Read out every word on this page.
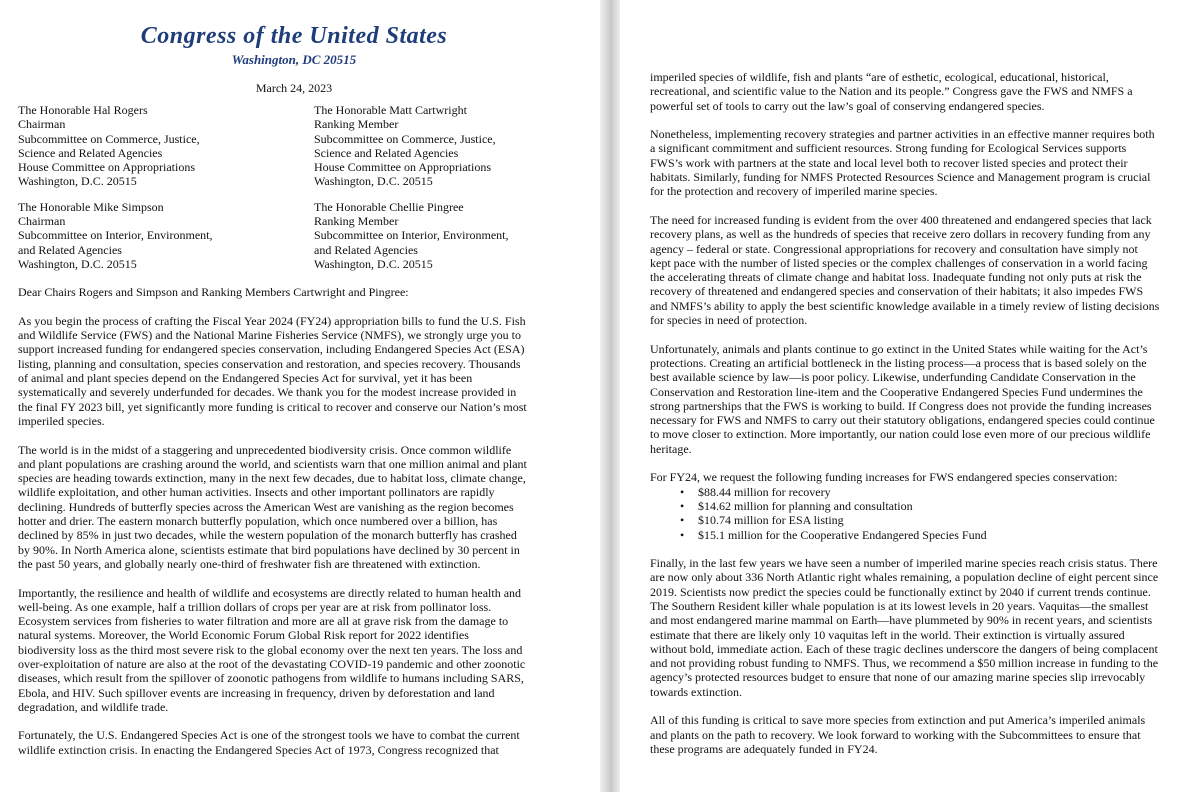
Congress of the United States
Washington, DC 20515
March 24, 2023
The Honorable Hal Rogers
Chairman
Subcommittee on Commerce, Justice,
Science and Related Agencies
House Committee on Appropriations
Washington, D.C. 20515
The Honorable Matt Cartwright
Ranking Member
Subcommittee on Commerce, Justice,
Science and Related Agencies
House Committee on Appropriations
Washington, D.C. 20515
The Honorable Mike Simpson
Chairman
Subcommittee on Interior, Environment,
and Related Agencies
Washington, D.C. 20515
The Honorable Chellie Pingree
Ranking Member
Subcommittee on Interior, Environment,
and Related Agencies
Washington, D.C. 20515
Dear Chairs Rogers and Simpson and Ranking Members Cartwright and Pingree:
As you begin the process of crafting the Fiscal Year 2024 (FY24) appropriation bills to fund the U.S. Fish
and Wildlife Service (FWS) and the National Marine Fisheries Service (NMFS), we strongly urge you to
support increased funding for endangered species conservation, including Endangered Species Act (ESA)
listing, planning and consultation, species conservation and restoration, and species recovery. Thousands
of animal and plant species depend on the Endangered Species Act for survival, yet it has been
systematically and severely underfunded for decades. We thank you for the modest increase provided in
the final FY 2023 bill, yet significantly more funding is critical to recover and conserve our Nation’s most
imperiled species.
The world is in the midst of a staggering and unprecedented biodiversity crisis. Once common wildlife
and plant populations are crashing around the world, and scientists warn that one million animal and plant
species are heading towards extinction, many in the next few decades, due to habitat loss, climate change,
wildlife exploitation, and other human activities. Insects and other important pollinators are rapidly
declining. Hundreds of butterfly species across the American West are vanishing as the region becomes
hotter and drier. The eastern monarch butterfly population, which once numbered over a billion, has
declined by 85% in just two decades, while the western population of the monarch butterfly has crashed
by 90%. In North America alone, scientists estimate that bird populations have declined by 30 percent in
the past 50 years, and globally nearly one-third of freshwater fish are threatened with extinction.
Importantly, the resilience and health of wildlife and ecosystems are directly related to human health and
well-being. As one example, half a trillion dollars of crops per year are at risk from pollinator loss.
Ecosystem services from fisheries to water filtration and more are all at grave risk from the damage to
natural systems. Moreover, the World Economic Forum Global Risk report for 2022 identifies
biodiversity loss as the third most severe risk to the global economy over the next ten years. The loss and
over-exploitation of nature are also at the root of the devastating COVID-19 pandemic and other zoonotic
diseases, which result from the spillover of zoonotic pathogens from wildlife to humans including SARS,
Ebola, and HIV. Such spillover events are increasing in frequency, driven by deforestation and land
degradation, and wildlife trade.
Fortunately, the U.S. Endangered Species Act is one of the strongest tools we have to combat the current
wildlife extinction crisis. In enacting the Endangered Species Act of 1973, Congress recognized that
imperiled species of wildlife, fish and plants “are of esthetic, ecological, educational, historical,
recreational, and scientific value to the Nation and its people.” Congress gave the FWS and NMFS a
powerful set of tools to carry out the law’s goal of conserving endangered species.
Nonetheless, implementing recovery strategies and partner activities in an effective manner requires both
a significant commitment and sufficient resources. Strong funding for Ecological Services supports
FWS’s work with partners at the state and local level both to recover listed species and protect their
habitats. Similarly, funding for NMFS Protected Resources Science and Management program is crucial
for the protection and recovery of imperiled marine species.
The need for increased funding is evident from the over 400 threatened and endangered species that lack
recovery plans, as well as the hundreds of species that receive zero dollars in recovery funding from any
agency – federal or state. Congressional appropriations for recovery and consultation have simply not
kept pace with the number of listed species or the complex challenges of conservation in a world facing
the accelerating threats of climate change and habitat loss. Inadequate funding not only puts at risk the
recovery of threatened and endangered species and conservation of their habitats; it also impedes FWS
and NMFS’s ability to apply the best scientific knowledge available in a timely review of listing decisions
for species in need of protection.
Unfortunately, animals and plants continue to go extinct in the United States while waiting for the Act’s
protections. Creating an artificial bottleneck in the listing process—a process that is based solely on the
best available science by law—is poor policy. Likewise, underfunding Candidate Conservation in the
Conservation and Restoration line-item and the Cooperative Endangered Species Fund undermines the
strong partnerships that the FWS is working to build. If Congress does not provide the funding increases
necessary for FWS and NMFS to carry out their statutory obligations, endangered species could continue
to move closer to extinction. More importantly, our nation could lose even more of our precious wildlife
heritage.
For FY24, we request the following funding increases for FWS endangered species conservation:
• $88.44 million for recovery
• $14.62 million for planning and consultation
• $10.74 million for ESA listing
• $15.1 million for the Cooperative Endangered Species Fund
Finally, in the last few years we have seen a number of imperiled marine species reach crisis status. There
are now only about 336 North Atlantic right whales remaining, a population decline of eight percent since
2019. Scientists now predict the species could be functionally extinct by 2040 if current trends continue.
The Southern Resident killer whale population is at its lowest levels in 20 years. Vaquitas—the smallest
and most endangered marine mammal on Earth—have plummeted by 90% in recent years, and scientists
estimate that there are likely only 10 vaquitas left in the world. Their extinction is virtually assured
without bold, immediate action. Each of these tragic declines underscore the dangers of being complacent
and not providing robust funding to NMFS. Thus, we recommend a $50 million increase in funding to the
agency’s protected resources budget to ensure that none of our amazing marine species slip irrevocably
towards extinction.
All of this funding is critical to save more species from extinction and put America’s imperiled animals
and plants on the path to recovery. We look forward to working with the Subcommittees to ensure that
these programs are adequately funded in FY24.
